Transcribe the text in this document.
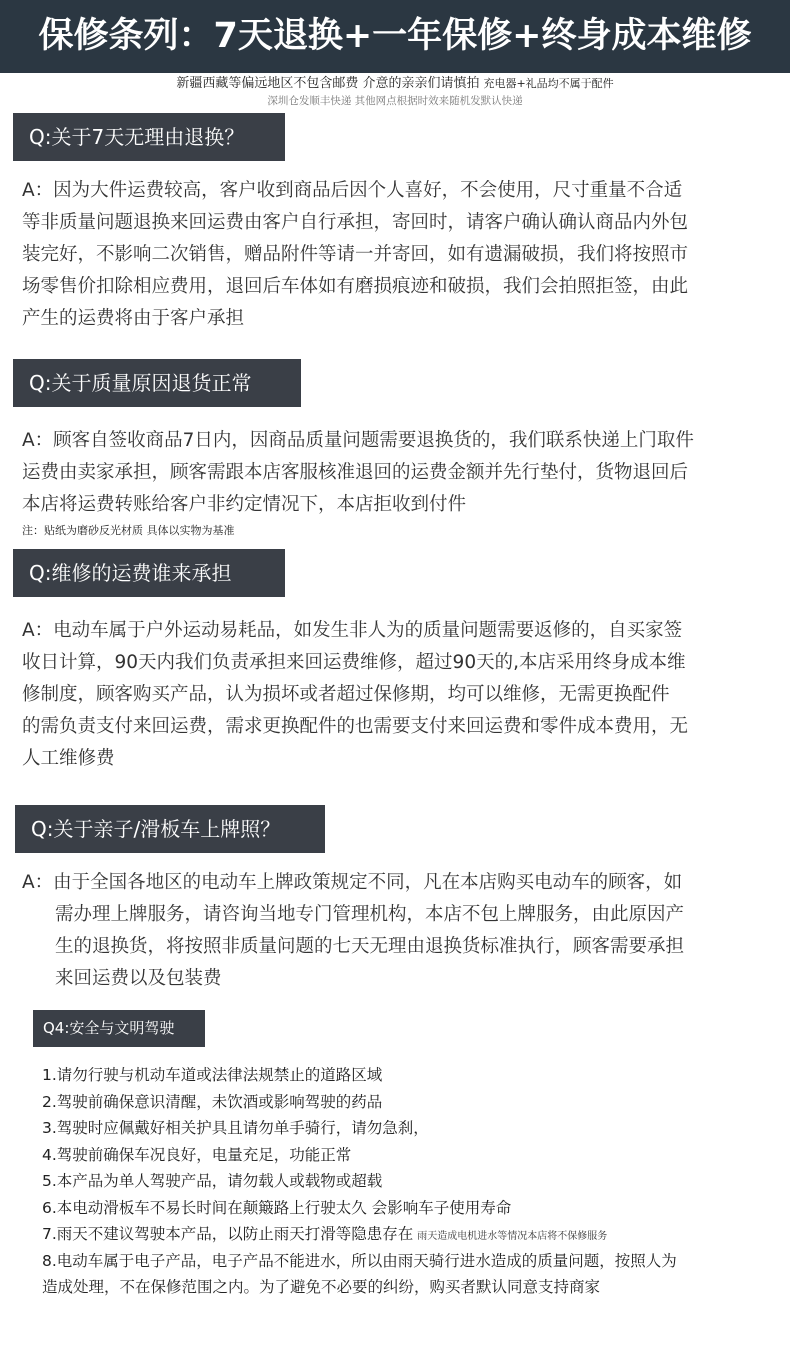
保修条列：7天退换+一年保修+终身成本维修
新疆西藏等偏远地区不包含邮费 介意的亲亲们请慎拍 充电器+礼品均不属于配件
深圳仓发顺丰快递 其他网点根据时效来随机发默认快递
Q:关于7天无理由退换？
A：因为大件运费较高，客户收到商品后因个人喜好，不会使用，尺寸重量不合适
等非质量问题退换来回运费由客户自行承担，寄回时，请客户确认确认商品内外包
装完好，不影响二次销售，赠品附件等请一并寄回，如有遗漏破损，我们将按照市
场零售价扣除相应费用，退回后车体如有磨损痕迹和破损，我们会拍照拒签，由此
产生的运费将由于客户承担
Q:关于质量原因退货正常
A：顾客自签收商品7日内，因商品质量问题需要退换货的，我们联系快递上门取件
运费由卖家承担，顾客需跟本店客服核准退回的运费金额并先行垫付，货物退回后
本店将运费转账给客户非约定情况下，本店拒收到付件
注：贴纸为磨砂反光材质 具体以实物为基准
Q:维修的运费谁来承担
A：电动车属于户外运动易耗品，如发生非人为的质量问题需要返修的，自买家签
收日计算，90天内我们负责承担来回运费维修，超过90天的,本店采用终身成本维
修制度，顾客购买产品，认为损坏或者超过保修期，均可以维修，无需更换配件
的需负责支付来回运费，需求更换配件的也需要支付来回运费和零件成本费用，无
人工维修费
Q:关于亲子/滑板车上牌照？
A：由于全国各地区的电动车上牌政策规定不同，凡在本店购买电动车的顾客，如
需办理上牌服务，请咨询当地专门管理机构，本店不包上牌服务，由此原因产
生的退换货，将按照非质量问题的七天无理由退换货标准执行，顾客需要承担
来回运费以及包装费
Q4:安全与文明驾驶
1.请勿行驶与机动车道或法律法规禁止的道路区域
2.驾驶前确保意识清醒，未饮酒或影响驾驶的药品
3.驾驶时应佩戴好相关护具且请勿单手骑行，请勿急刹，
4.驾驶前确保车况良好，电量充足，功能正常
5.本产品为单人驾驶产品，请勿载人或载物或超载
6.本电动滑板车不易长时间在颠簸路上行驶太久 会影响车子使用寿命
7.雨天不建议驾驶本产品，以防止雨天打滑等隐患存在 雨天造成电机进水等情况本店将不保修服务
8.电动车属于电子产品，电子产品不能进水，所以由雨天骑行进水造成的质量问题，按照人为
造成处理，不在保修范围之内。为了避免不必要的纠纷，购买者默认同意支持商家
